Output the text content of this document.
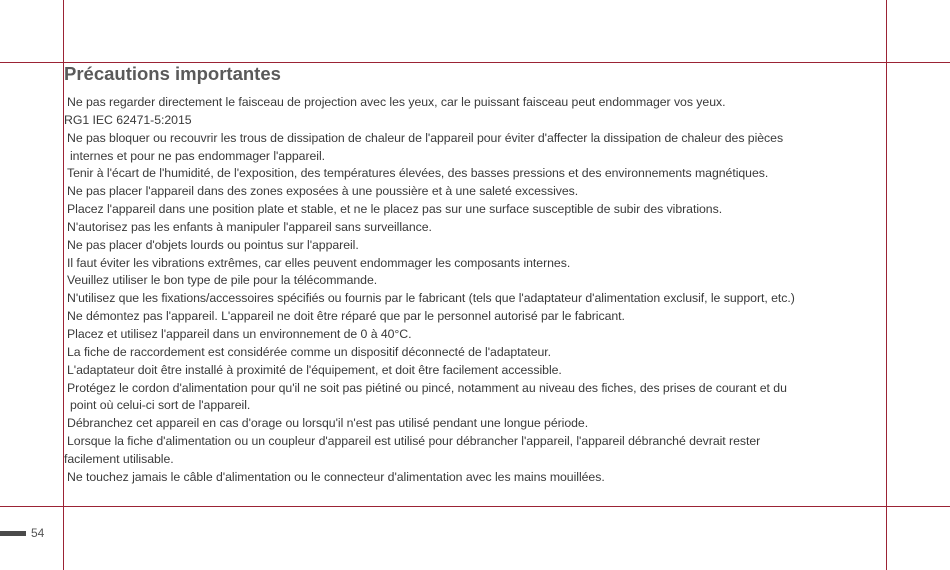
Précautions importantes
Ne pas regarder directement le faisceau de projection avec les yeux, car le puissant faisceau peut endommager vos yeux.
RG1 IEC 62471-5:2015
Ne pas bloquer ou recouvrir les trous de dissipation de chaleur de l'appareil pour éviter d'affecter la dissipation de chaleur des pièces
internes et pour ne pas endommager l'appareil.
Tenir à l'écart de l'humidité, de l'exposition, des températures élevées, des basses pressions et des environnements magnétiques.
Ne pas placer l'appareil dans des zones exposées à une poussière et à une saleté excessives.
Placez l'appareil dans une position plate et stable, et ne le placez pas sur une surface susceptible de subir des vibrations.
N'autorisez pas les enfants à manipuler l'appareil sans surveillance.
Ne pas placer d'objets lourds ou pointus sur l'appareil.
Il faut éviter les vibrations extrêmes, car elles peuvent endommager les composants internes.
Veuillez utiliser le bon type de pile pour la télécommande.
N'utilisez que les fixations/accessoires spécifiés ou fournis par le fabricant (tels que l'adaptateur d'alimentation exclusif, le support, etc.)
Ne démontez pas l'appareil. L'appareil ne doit être réparé que par le personnel autorisé par le fabricant.
Placez et utilisez l'appareil dans un environnement de 0 à 40°C.
La fiche de raccordement est considérée comme un dispositif déconnecté de l'adaptateur.
L'adaptateur doit être installé à proximité de l'équipement, et doit être facilement accessible.
Protégez le cordon d'alimentation pour qu'il ne soit pas piétiné ou pincé, notamment au niveau des fiches, des prises de courant et du
point où celui-ci sort de l'appareil.
Débranchez cet appareil en cas d'orage ou lorsqu'il n'est pas utilisé pendant une longue période.
Lorsque la fiche d'alimentation ou un coupleur d'appareil est utilisé pour débrancher l'appareil, l'appareil débranché devrait rester
facilement utilisable.
Ne touchez jamais le câble d'alimentation ou le connecteur d'alimentation avec les mains mouillées.
54
